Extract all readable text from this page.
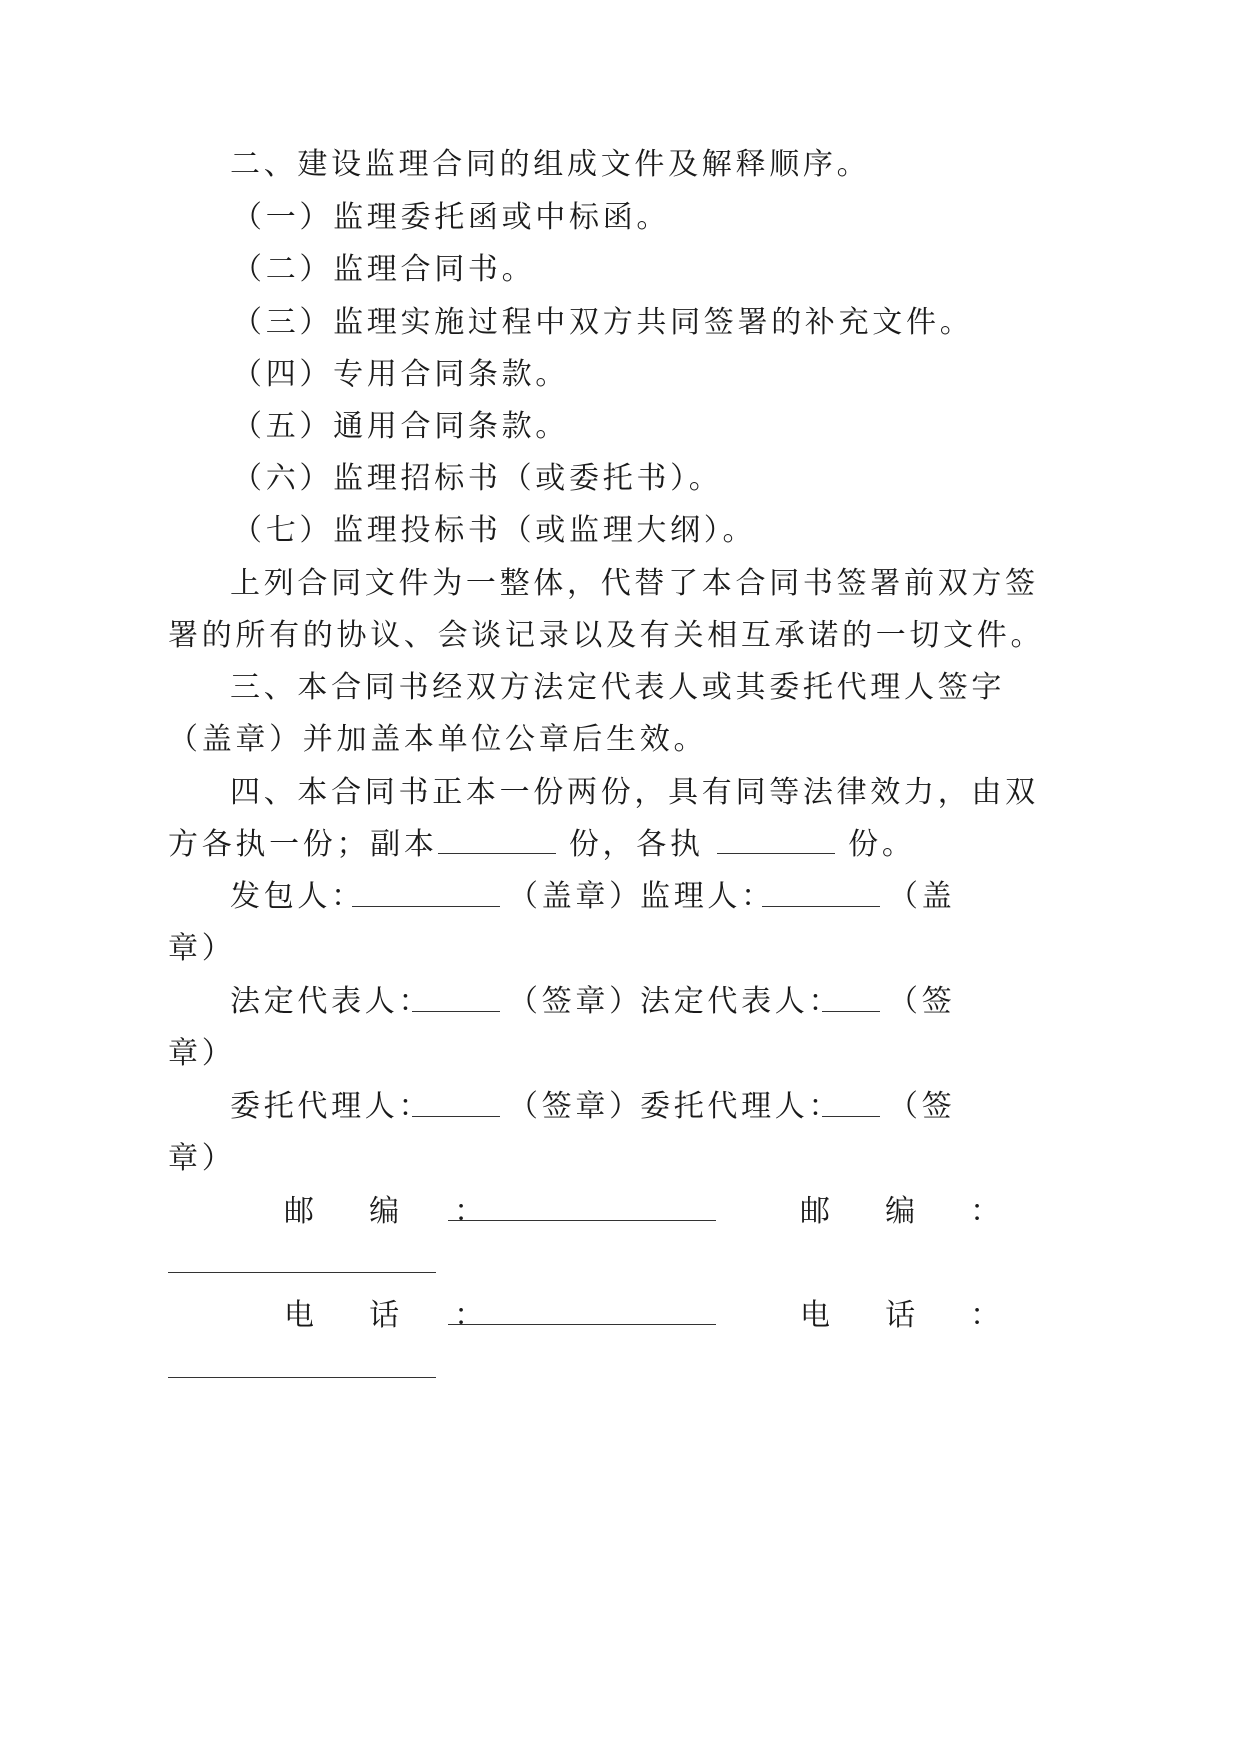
二、建设监理合同的组成文件及解释顺序。
（一）监理委托函或中标函。
（二）监理合同书。
（三）监理实施过程中双方共同签署的补充文件。
（四）专用合同条款。
（五）通用合同条款。
（六）监理招标书（或委托书）。
（七）监理投标书（或监理大纲）。
上列合同文件为一整体，代替了本合同书签署前双方签
署的所有的协议、会谈记录以及有关相互承诺的一切文件。
三、本合同书经双方法定代表人或其委托代理人签字
（盖章）并加盖本单位公章后生效。
四、本合同书正本一份两份，具有同等法律效力，由双
方各执一份；副本	份，各执	份。
发包人：	（盖章）
监理人：	（盖
章）
法定代表人：	（签章）
法定代表人： （签
章）
委托代理人：	（签章）
委托代理人： （签
章）
邮  编  ：	邮  编  ：
电  话  ：	电  话  ：
